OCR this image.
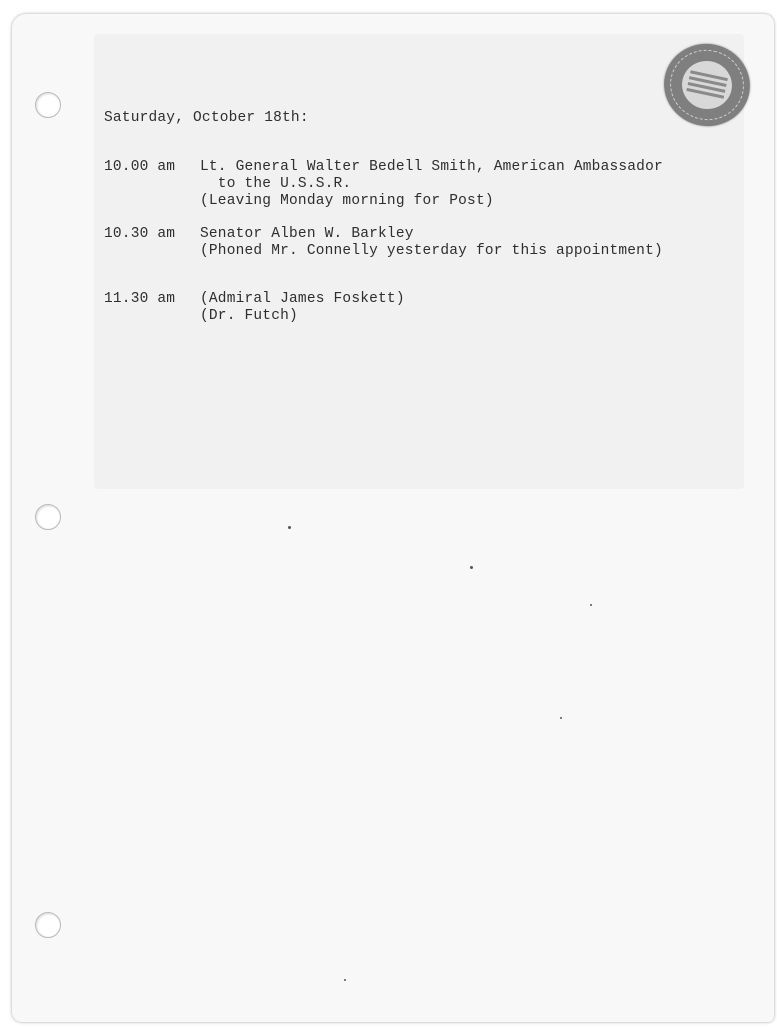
Saturday, October 18th:

10.00 am

Lt. General Walter Bedell Smith, American Ambassador

to the U.S.S.R.

(Leaving Monday morning for Post)

10.30 am

Senator Alben W. Barkley

(Phoned Mr. Connelly yesterday for this appointment)

11.30 am

(Admiral James Foskett)

(Dr. Futch)
